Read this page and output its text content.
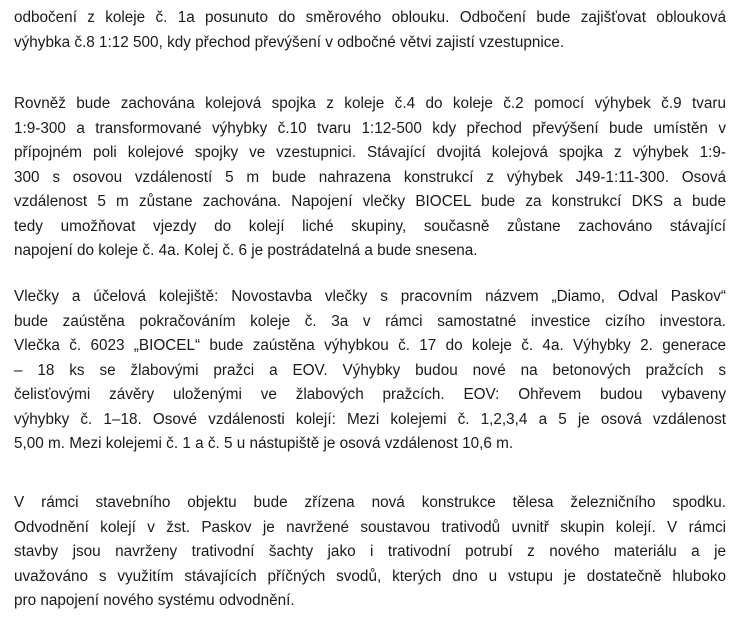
odbočení z koleje č. 1a posunuto do směrového oblouku. Odbočení bude zajišťovat oblouková
výhybka č.8 1:12 500, kdy přechod převýšení v odbočné větvi zajistí vzestupnice.

Rovněž bude zachována kolejová spojka z koleje č.4 do koleje č.2 pomocí výhybek č.9 tvaru
1:9-300 a transformované výhybky č.10 tvaru 1:12-500 kdy přechod převýšení bude umístěn v
přípojném poli kolejové spojky ve vzestupnici. Stávající dvojitá kolejová spojka z výhybek 1:9-
300 s osovou vzdáleností 5 m bude nahrazena konstrukcí z výhybek J49-1:11-300. Osová
vzdálenost 5 m zůstane zachována. Napojení vlečky BIOCEL bude za konstrukcí DKS a bude
tedy umožňovat vjezdy do kolejí liché skupiny, současně zůstane zachováno stávající
napojení do koleje č. 4a. Kolej č. 6 je postrádatelná a bude snesena.

Vlečky a účelová kolejiště: Novostavba vlečky s pracovním názvem „Diamo, Odval Paskov“
bude zaústěna pokračováním koleje č. 3a v rámci samostatné investice cizího investora.
Vlečka č. 6023 „BIOCEL“ bude zaústěna výhybkou č. 17 do koleje č. 4a. Výhybky 2. generace
– 18 ks se žlabovými pražci a EOV. Výhybky budou nové na betonových pražcích s
čelisťovými závěry uloženými ve žlabových pražcích. EOV: Ohřevem budou vybaveny
výhybky č. 1–18. Osové vzdálenosti kolejí: Mezi kolejemi č. 1,2,3,4 a 5 je osová vzdálenost
5,00 m. Mezi kolejemi č. 1 a č. 5 u nástupiště je osová vzdálenost 10,6 m.

V rámci stavebního objektu bude zřízena nová konstrukce tělesa železničního spodku.
Odvodnění kolejí v žst. Paskov je navržené soustavou trativodů uvnitř skupin kolejí. V rámci
stavby jsou navrženy trativodní šachty jako i trativodní potrubí z nového materiálu a je
uvažováno s využitím stávajících příčných svodů, kterých dno u vstupu je dostatečně hluboko
pro napojení nového systému odvodnění.
